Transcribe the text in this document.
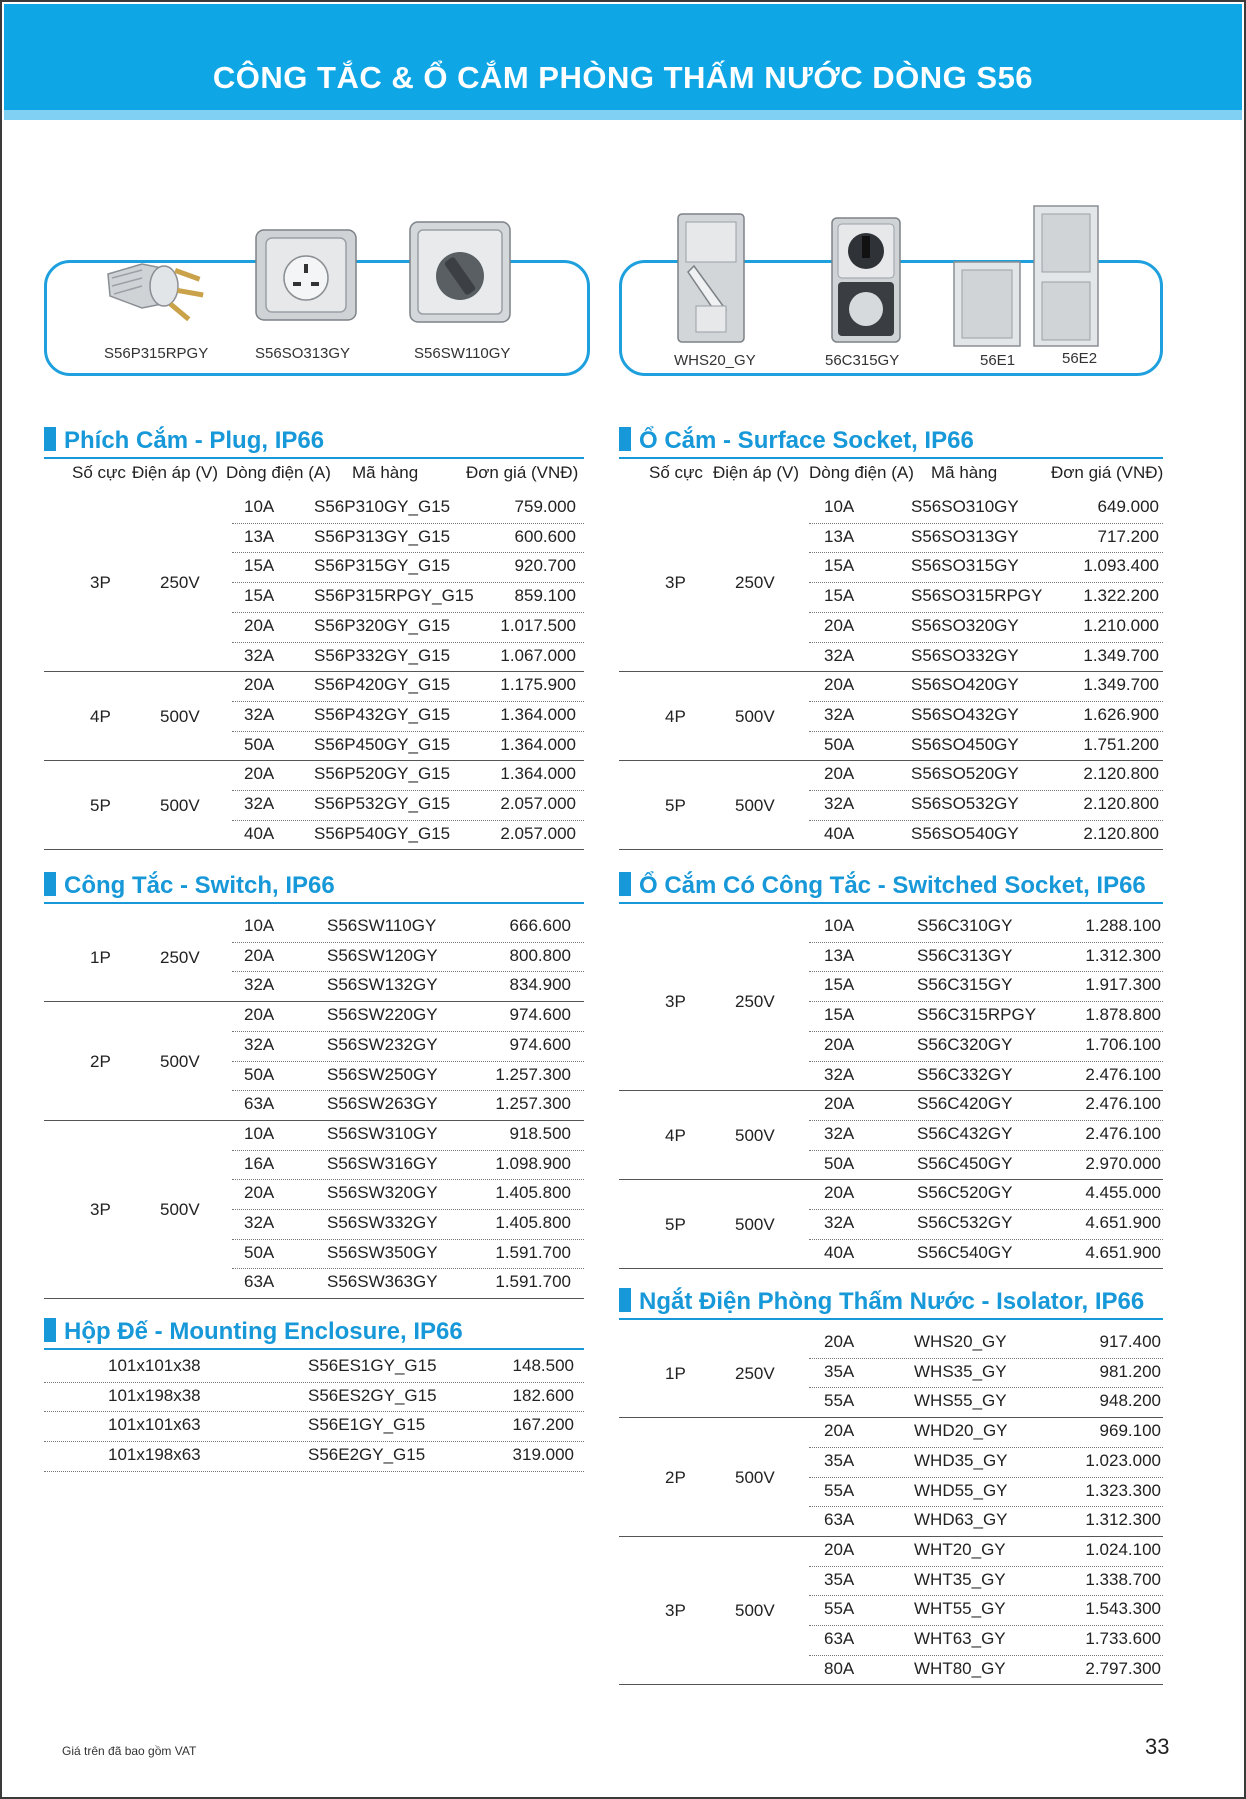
CÔNG TẮC & Ổ CẮM PHÒNG THẤM NƯỚC DÒNG S56
S56P315RPGY	S56SO313GY	S56SW110GY	WHS20_GY	56C315GY	56E1	56E2
Phích Cắm - Plug, IP66
Số cực Điện áp (V) Dòng điện (A) Mã hàng	Đơn giá (VNĐ)
10A S56P310GY_G15	759.000
13A S56P313GY_G15	600.600
15A S56P315GY_G15	920.700
15A S56P315RPGY_G15 859.100
20A S56P320GY_G15	1.017.500
32A S56P332GY_G15	1.067.000
3P	250V
20A S56P420GY_G15	1.175.900
32A S56P432GY_G15	1.364.000
50A S56P450GY_G15	1.364.000
4P	500V
20A S56P520GY_G15	1.364.000
32A S56P532GY_G15	2.057.000
40A S56P540GY_G15	2.057.000
5P	500V
Ổ Cắm - Surface Socket, IP66
Số cực Điện áp (V) Dòng điện (A) Mã hàng	Đơn giá (VNĐ)
10A	S56SO310GY	649.000
13A	S56SO313GY	717.200
15A	S56SO315GY	1.093.400
15A	S56SO315RPGY 1.322.200
20A	S56SO320GY	1.210.000
32A	S56SO332GY	1.349.700
3P	250V
20A	S56SO420GY	1.349.700
32A	S56SO432GY	1.626.900
50A	S56SO450GY	1.751.200
4P	500V
20A	S56SO520GY	2.120.800
32A	S56SO532GY	2.120.800
40A	S56SO540GY	2.120.800
5P	500V
Công Tắc - Switch, IP66
10A	S56SW110GY	666.600
20A	S56SW120GY	800.800
32A	S56SW132GY	834.900
1P	250V
20A	S56SW220GY	974.600
32A	S56SW232GY	974.600
50A	S56SW250GY	1.257.300
63A	S56SW263GY	1.257.300
2P	500V
10A	S56SW310GY	918.500
16A	S56SW316GY	1.098.900
20A	S56SW320GY	1.405.800
32A	S56SW332GY	1.405.800
50A	S56SW350GY	1.591.700
63A	S56SW363GY	1.591.700
3P	500V
Ổ Cắm Có Công Tắc - Switched Socket, IP66
10A	S56C310GY	1.288.100
13A	S56C313GY	1.312.300
15A	S56C315GY	1.917.300
15A	S56C315RPGY	1.878.800
20A	S56C320GY	1.706.100
32A	S56C332GY	2.476.100
3P	250V
20A	S56C420GY	2.476.100
32A	S56C432GY	2.476.100
50A	S56C450GY	2.970.000
4P	500V
20A	S56C520GY	4.455.000
32A	S56C532GY	4.651.900
40A	S56C540GY	4.651.900
5P	500V
Hộp Đế - Mounting Enclosure, IP66
101x101x38	S56ES1GY_G15	148.500
101x198x38	S56ES2GY_G15	182.600
101x101x63	S56E1GY_G15	167.200
101x198x63	S56E2GY_G15	319.000
Ngắt Điện Phòng Thấm Nước - Isolator, IP66
20A	WHS20_GY	917.400
35A	WHS35_GY	981.200
55A	WHS55_GY	948.200
1P	250V
20A	WHD20_GY	969.100
35A	WHD35_GY	1.023.000
55A	WHD55_GY	1.323.300
63A	WHD63_GY	1.312.300
2P	500V
20A	WHT20_GY	1.024.100
35A	WHT35_GY	1.338.700
55A	WHT55_GY	1.543.300
63A	WHT63_GY	1.733.600
80A	WHT80_GY	2.797.300
3P	500V
Giá trên đã bao gồm VAT	33
